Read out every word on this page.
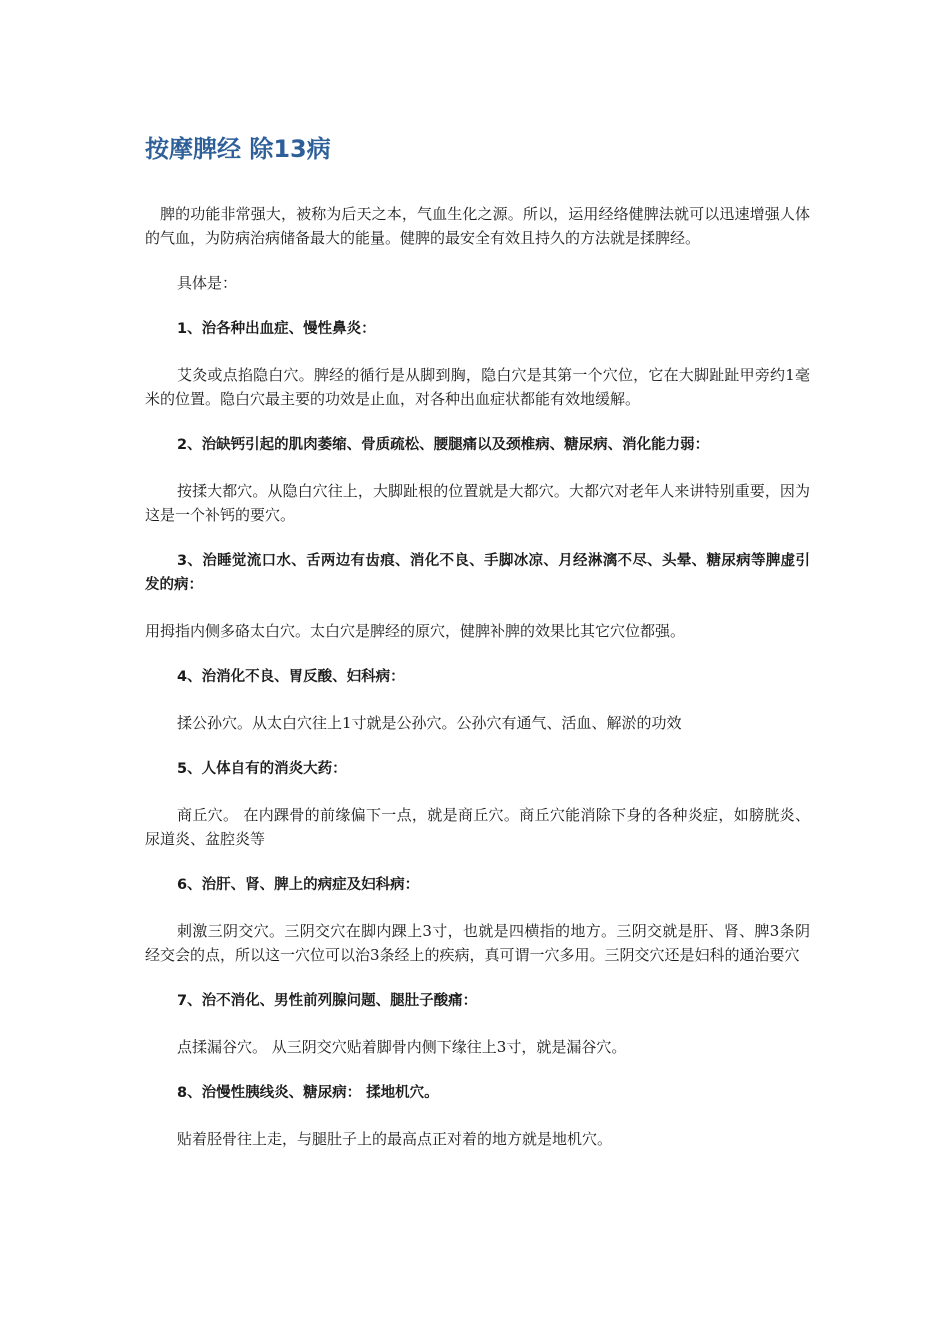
按摩脾经 除13病

脾的功能非常强大，被称为后天之本，气血生化之源。所以，运用经络健脾法就可以迅速增强人体的气血，为防病治病储备最大的能量。健脾的最安全有效且持久的方法就是揉脾经。

具体是：

1、治各种出血症、慢性鼻炎：

艾灸或点掐隐白穴。脾经的循行是从脚到胸，隐白穴是其第一个穴位，它在大脚趾趾甲旁约1毫米的位置。隐白穴最主要的功效是止血，对各种出血症状都能有效地缓解。

2、治缺钙引起的肌肉萎缩、骨质疏松、腰腿痛以及颈椎病、糖尿病、消化能力弱：

按揉大都穴。从隐白穴往上，大脚趾根的位置就是大都穴。大都穴对老年人来讲特别重要，因为这是一个补钙的要穴。

3、治睡觉流口水、舌两边有齿痕、消化不良、手脚冰凉、月经淋漓不尽、头晕、糖尿病等脾虚引发的病：

用拇指内侧多硌太白穴。太白穴是脾经的原穴，健脾补脾的效果比其它穴位都强。

4、治消化不良、胃反酸、妇科病：

揉公孙穴。从太白穴往上1寸就是公孙穴。公孙穴有通气、活血、解淤的功效

5、人体自有的消炎大药：

商丘穴。 在内踝骨的前缘偏下一点，就是商丘穴。商丘穴能消除下身的各种炎症，如膀胱炎、尿道炎、盆腔炎等

6、治肝、肾、脾上的病症及妇科病：

刺激三阴交穴。三阴交穴在脚内踝上3寸，也就是四横指的地方。三阴交就是肝、肾、脾3条阴经交会的点，所以这一穴位可以治3条经上的疾病，真可谓一穴多用。三阴交穴还是妇科的通治要穴

7、治不消化、男性前列腺问题、腿肚子酸痛：

点揉漏谷穴。 从三阴交穴贴着脚骨内侧下缘往上3寸，就是漏谷穴。

8、治慢性胰线炎、糖尿病： 揉地机穴。

贴着胫骨往上走，与腿肚子上的最高点正对着的地方就是地机穴。
